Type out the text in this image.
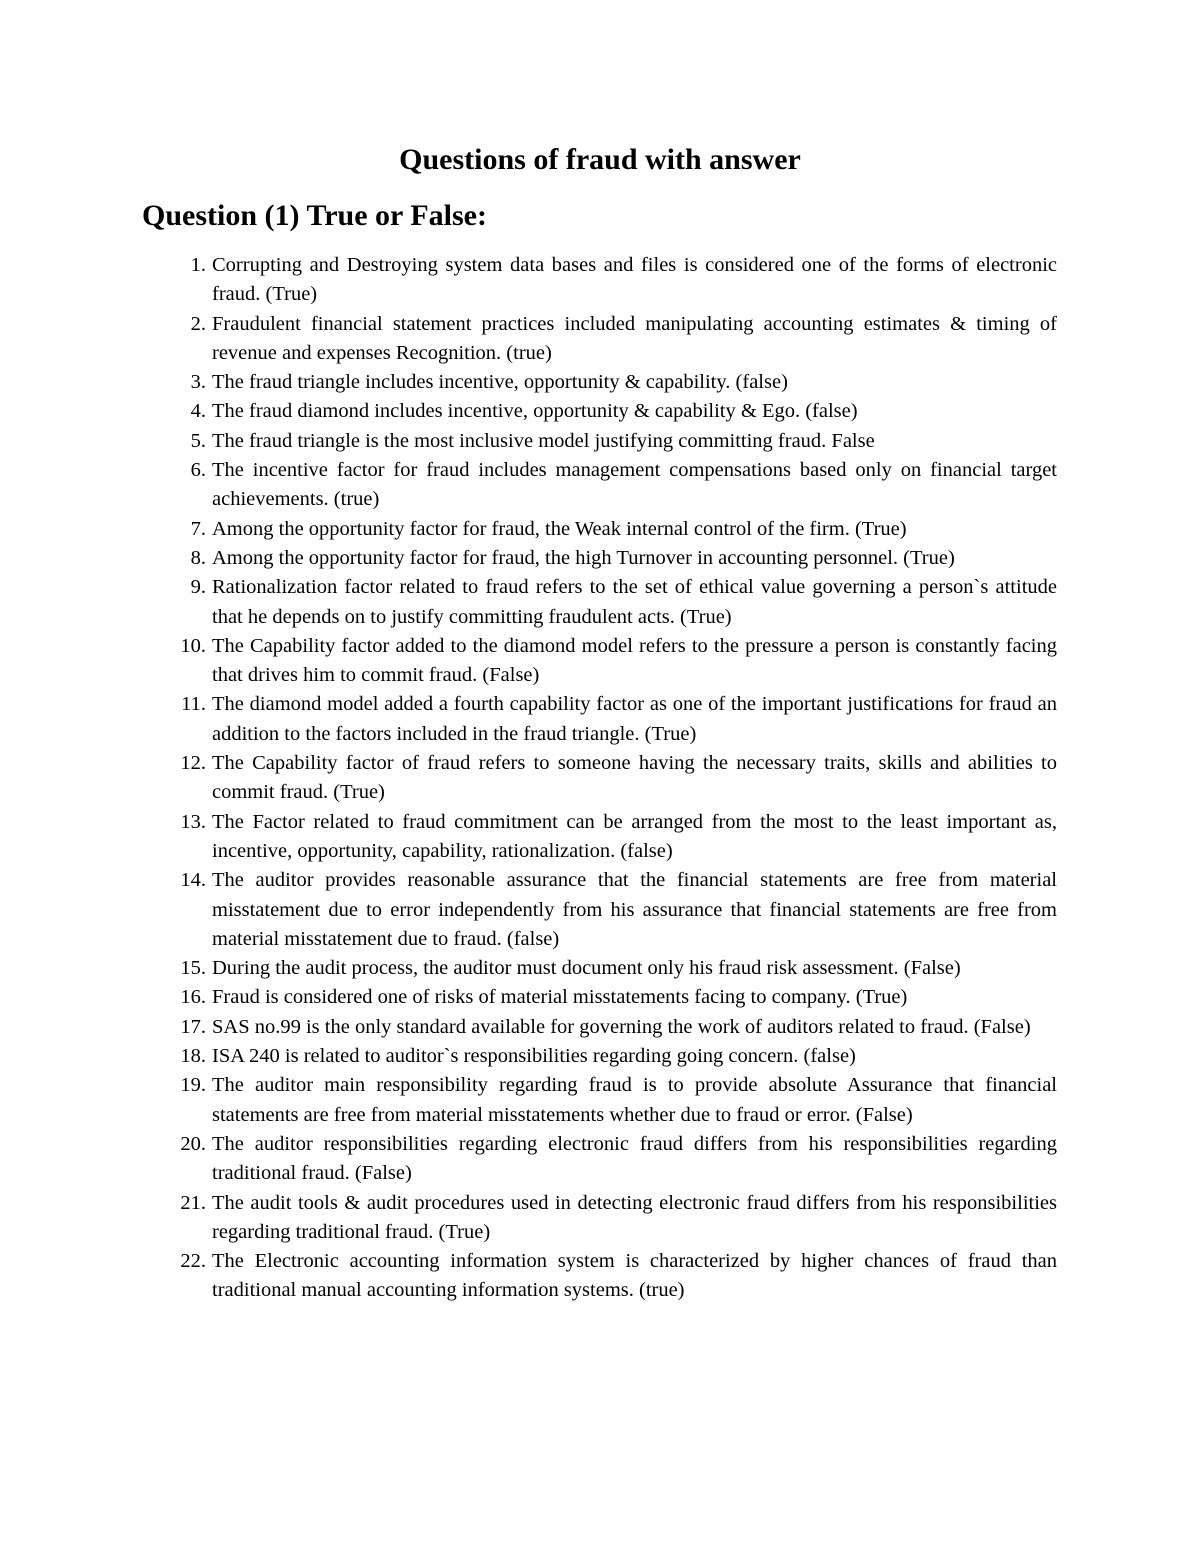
Questions of fraud with answer
Question (1) True or False:
1. Corrupting and Destroying system data bases and files is considered one of the forms of electronic fraud. (True)
2. Fraudulent financial statement practices included manipulating accounting estimates & timing of revenue and expenses Recognition. (true)
3. The fraud triangle includes incentive, opportunity & capability. (false)
4. The fraud diamond includes incentive, opportunity & capability & Ego. (false)
5. The fraud triangle is the most inclusive model justifying committing fraud. False
6. The incentive factor for fraud includes management compensations based only on financial target achievements. (true)
7. Among the opportunity factor for fraud, the Weak internal control of the firm. (True)
8. Among the opportunity factor for fraud, the high Turnover in accounting personnel. (True)
9. Rationalization factor related to fraud refers to the set of ethical value governing a person`s attitude that he depends on to justify committing fraudulent acts. (True)
10. The Capability factor added to the diamond model refers to the pressure a person is constantly facing that drives him to commit fraud. (False)
11. The diamond model added a fourth capability factor as one of the important justifications for fraud an addition to the factors included in the fraud triangle. (True)
12. The Capability factor of fraud refers to someone having the necessary traits, skills and abilities to commit fraud. (True)
13. The Factor related to fraud commitment can be arranged from the most to the least important as, incentive, opportunity, capability, rationalization. (false)
14. The auditor provides reasonable assurance that the financial statements are free from material misstatement due to error independently from his assurance that financial statements are free from material misstatement due to fraud. (false)
15. During the audit process, the auditor must document only his fraud risk assessment. (False)
16. Fraud is considered one of risks of material misstatements facing to company. (True)
17. SAS no.99 is the only standard available for governing the work of auditors related to fraud. (False)
18. ISA 240 is related to auditor`s responsibilities regarding going concern. (false)
19. The auditor main responsibility regarding fraud is to provide absolute Assurance that financial statements are free from material misstatements whether due to fraud or error. (False)
20. The auditor responsibilities regarding electronic fraud differs from his responsibilities regarding traditional fraud. (False)
21. The audit tools & audit procedures used in detecting electronic fraud differs from his responsibilities regarding traditional fraud. (True)
22. The Electronic accounting information system is characterized by higher chances of fraud than traditional manual accounting information systems. (true)
